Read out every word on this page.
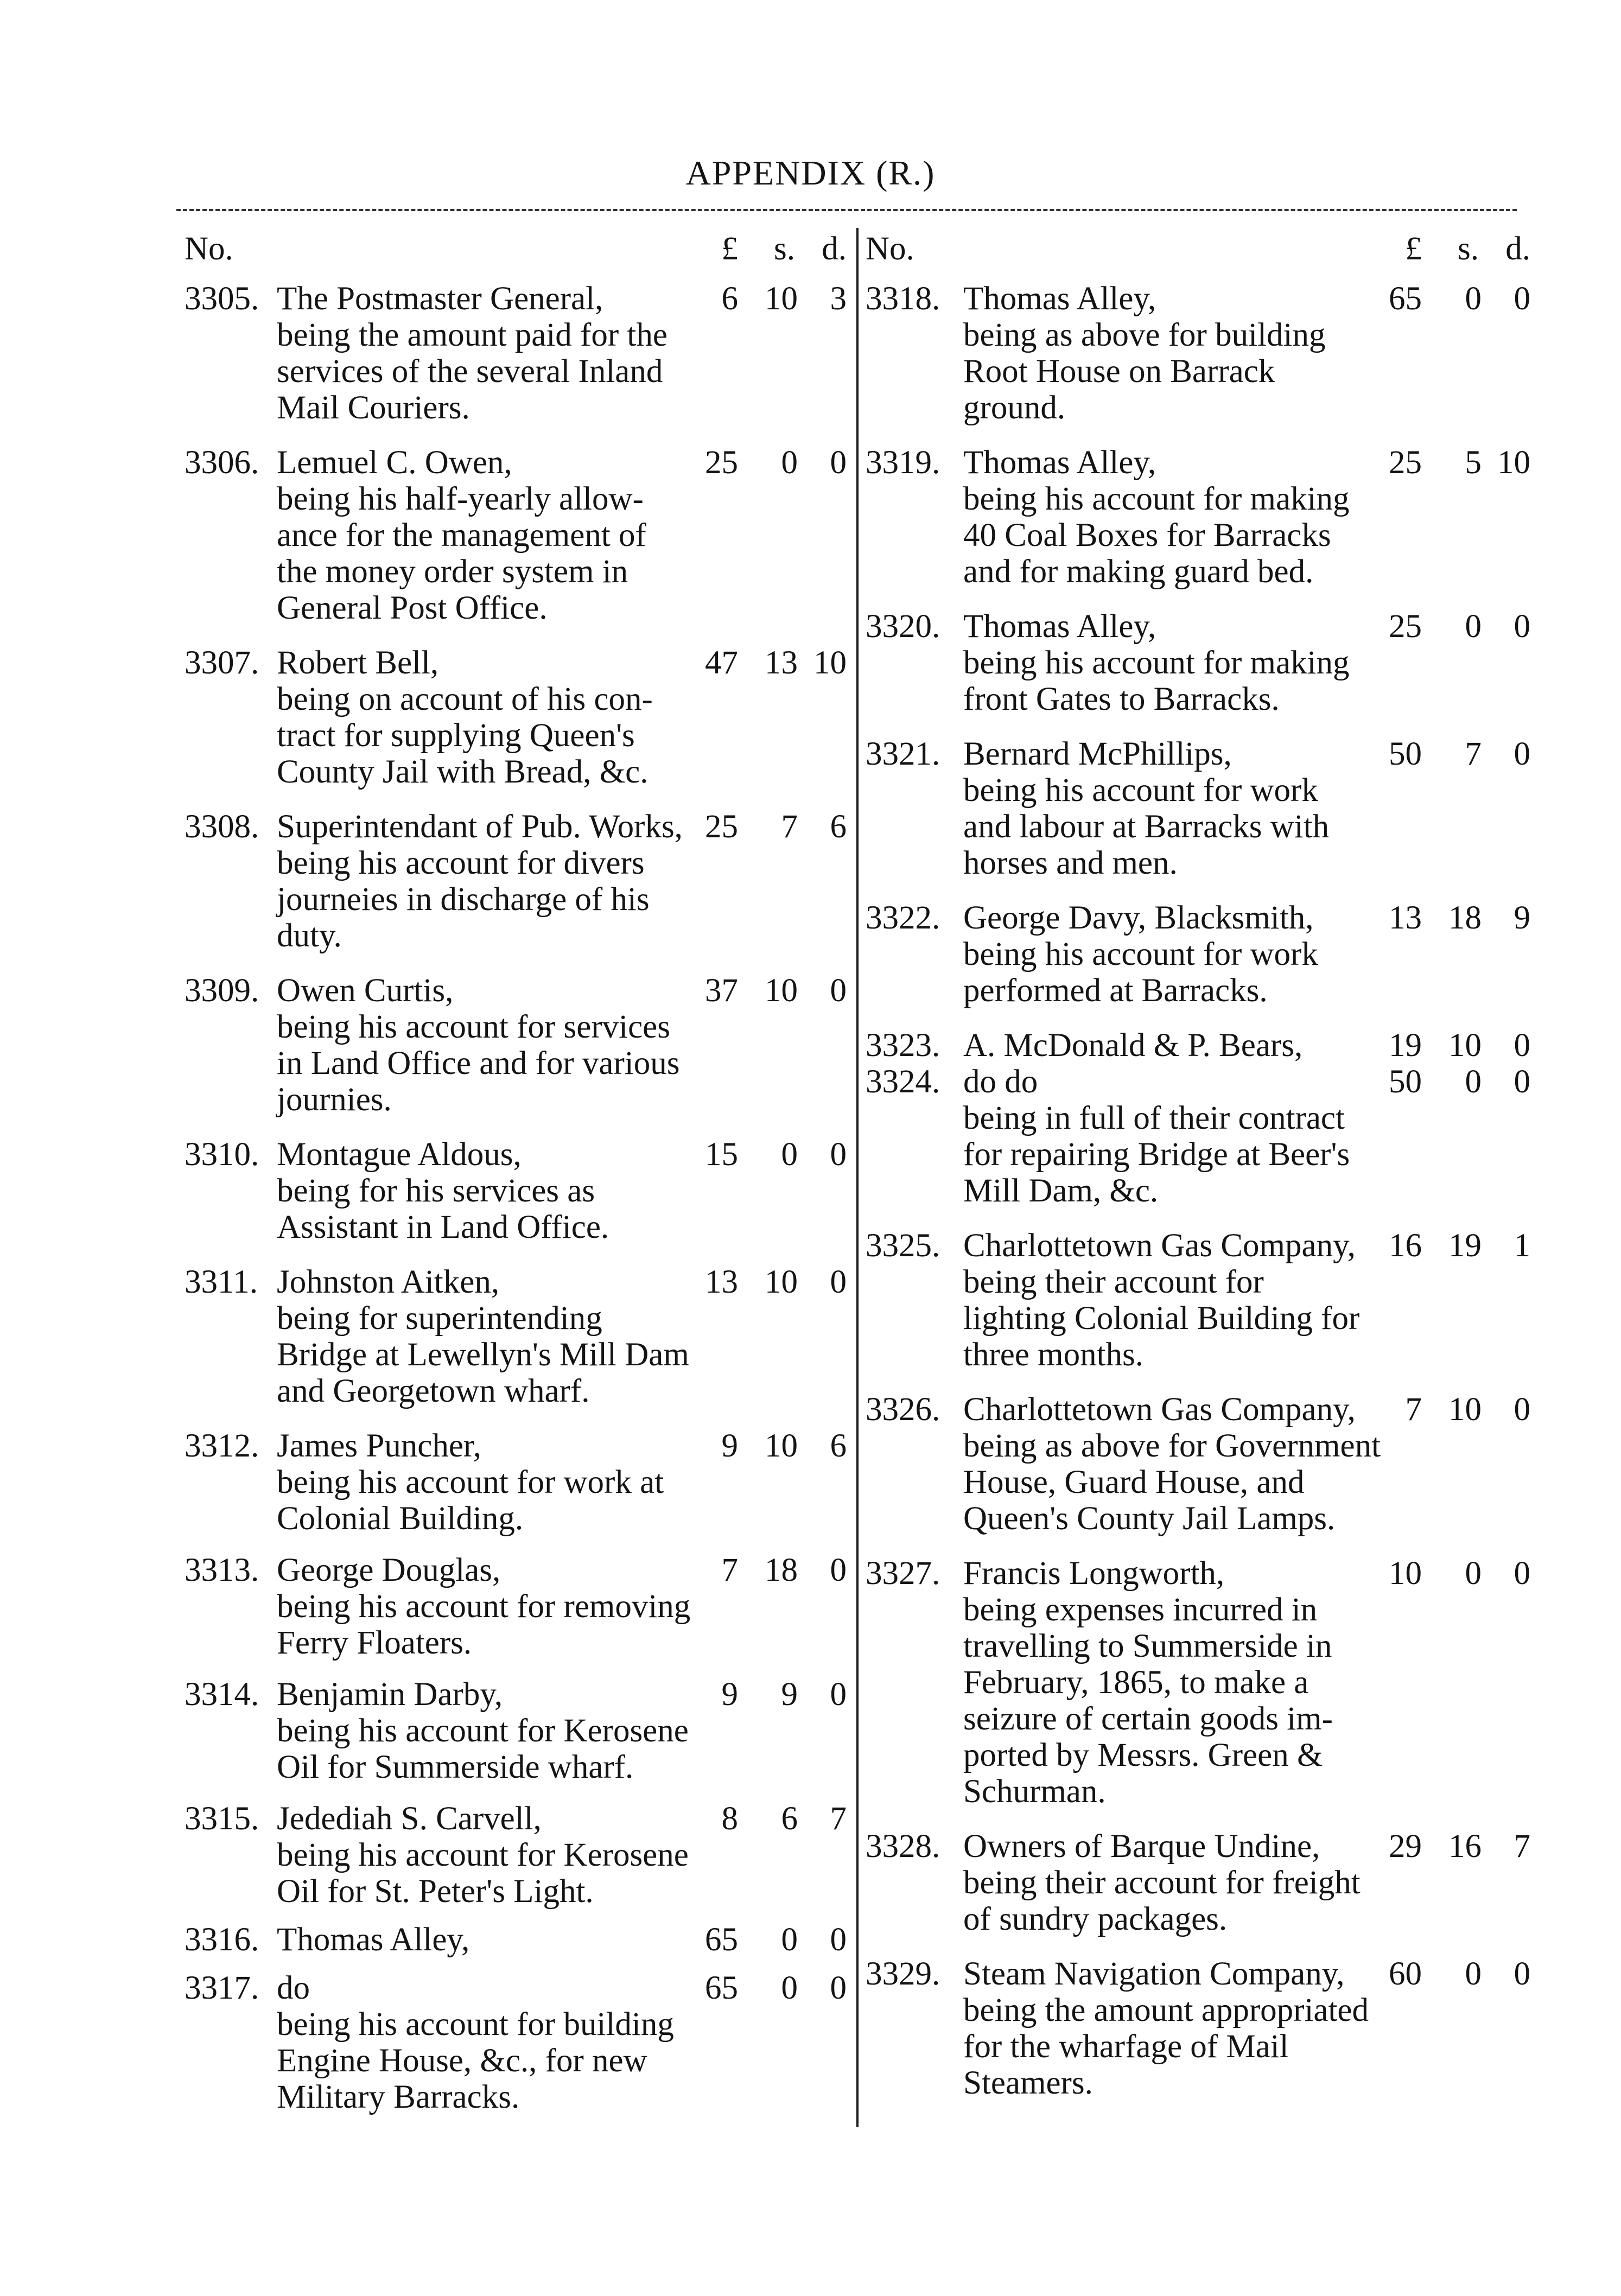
APPENDIX (R.)
No.	£ s. d.
3305. The Postmaster General,	6 10 3

being the amount paid for the
services of the several Inland
Mail Couriers.

3306. Lemuel C. Owen,	25	0 0

being his half-yearly allow-
ance for the management of
the money order system in
General Post Office.

3307. Robert Bell,	47 13 10

being on account of his con-
tract for supplying Queen's
County Jail with Bread, &c.

3308. Superintendant of Pub. Works, 25	7 6

being his account for divers
journeies in discharge of his
duty.

3309. Owen Curtis,	37 10 0

being his account for services
in Land Office and for various
journies.

3310. Montague Aldous,	15	0 0

being for his services as
Assistant in Land Office.

3311. Johnston Aitken,	13 10 0

being for superintending
Bridge at Lewellyn's Mill Dam
and Georgetown wharf.

3312. James Puncher,	9 10 6

being his account for work at
Colonial Building.

3313. George Douglas,	7 18 0

being his account for removing
Ferry Floaters.

3314. Benjamin Darby,	9	9 0

being his account for Kerosene
Oil for Summerside wharf.

3315. Jedediah S. Carvell,	8	6 7

being his account for Kerosene
Oil for St. Peter's Light.

3316. Thomas Alley,	65	0 0
3317. do	65	0 0

being his account for building
Engine House, &c., for new
Military Barracks.

No.	£ s. d.
3318. Thomas Alley,	65	0 0

being as above for building
Root House on Barrack
ground.

3319. Thomas Alley,	25	5 10

being his account for making
40 Coal Boxes for Barracks
and for making guard bed.

3320. Thomas Alley,	25	0 0

being his account for making
front Gates to Barracks.

3321. Bernard McPhillips,	50	7 0

being his account for work
and labour at Barracks with
horses and men.

3322. George Davy, Blacksmith,	13 18 9

being his account for work
performed at Barracks.

3323. A. McDonald & P. Bears,	19 10 0
3324. do do	50	0 0

being in full of their contract
for repairing Bridge at Beer's
Mill Dam, &c.

3325. Charlottetown Gas Company,	16 19 1

being their account for
lighting Colonial Building for
three months.

3326. Charlottetown Gas Company,	7 10 0

being as above for Government
House, Guard House, and
Queen's County Jail Lamps.

3327. Francis Longworth,	10	0 0

being expenses incurred in
travelling to Summerside in
February, 1865, to make a
seizure of certain goods im-
ported by Messrs. Green &
Schurman.

3328. Owners of Barque Undine,	29 16 7

being their account for freight
of sundry packages.

3329. Steam Navigation Company,	60	0 0

being the amount appropriated
for the wharfage of Mail
Steamers.
